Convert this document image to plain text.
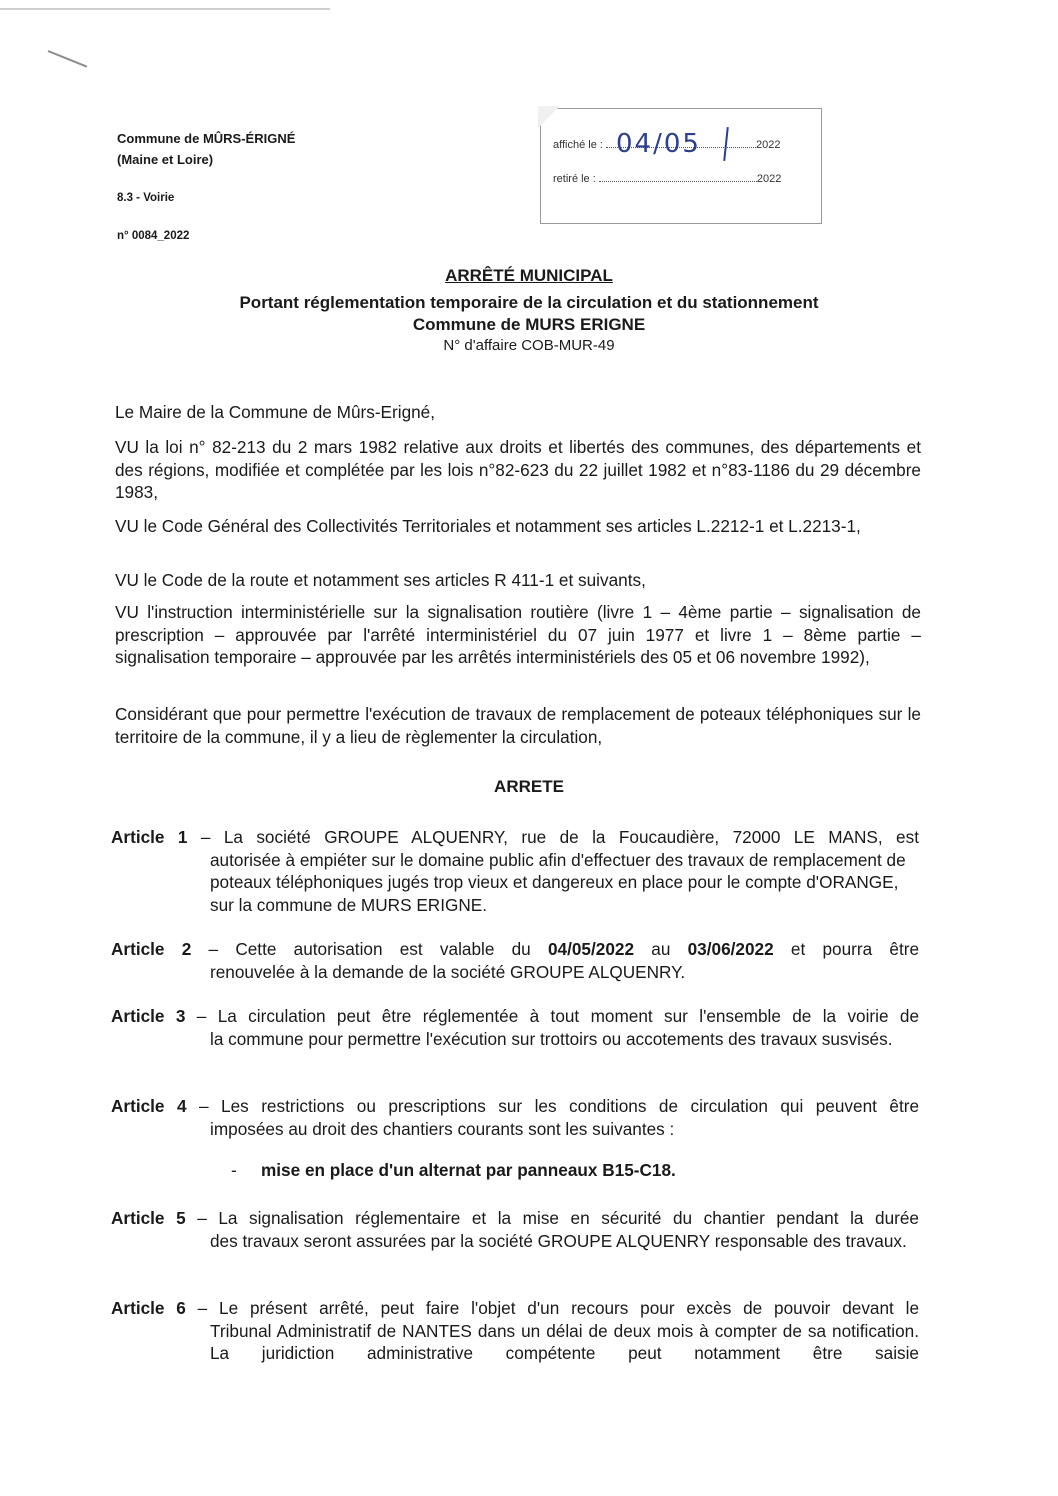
Commune de MÛRS-ÉRIGNÉ
(Maine et Loire)
8.3 - Voirie
n° 0084_2022
affiché le :	2022
04/05
retiré le :	2022
ARRÊTÉ MUNICIPAL
Portant réglementation temporaire de la circulation et du stationnement
Commune de MURS ERIGNE
N° d'affaire COB-MUR-49
Le Maire de la Commune de Mûrs-Erigné,
VU la loi n° 82-213 du 2 mars 1982 relative aux droits et libertés des communes, des départements et des régions, modifiée et complétée par les lois n°82-623 du 22 juillet 1982 et n°83-1186 du 29 décembre 1983,
VU le Code Général des Collectivités Territoriales et notamment ses articles L.2212-1 et L.2213-1,
VU le Code de la route et notamment ses articles R 411-1 et suivants,
VU l'instruction interministérielle sur la signalisation routière (livre 1 – 4ème partie – signalisation de prescription – approuvée par l'arrêté interministériel du 07 juin 1977 et livre 1 – 8ème partie – signalisation temporaire – approuvée par les arrêtés interministériels des 05 et 06 novembre 1992),
Considérant que pour permettre l'exécution de travaux de remplacement de poteaux téléphoniques sur le territoire de la commune, il y a lieu de règlementer la circulation,
ARRETE
Article 1 – La société GROUPE ALQUENRY, rue de la Foucaudière, 72000 LE MANS, est
autorisée à empiéter sur le domaine public afin d'effectuer des travaux de remplacement de poteaux téléphoniques jugés trop vieux et dangereux en place pour le compte d'ORANGE, sur la commune de MURS ERIGNE.
Article 2 – Cette autorisation est valable du 04/05/2022 au 03/06/2022 et pourra être
renouvelée à la demande de la société GROUPE ALQUENRY.
Article 3 – La circulation peut être réglementée à tout moment sur l'ensemble de la voirie de
la commune pour permettre l'exécution sur trottoirs ou accotements des travaux susvisés.
Article 4 – Les restrictions ou prescriptions sur les conditions de circulation qui peuvent être
imposées au droit des chantiers courants sont les suivantes :
- mise en place d'un alternat par panneaux B15-C18.
Article 5 – La signalisation réglementaire et la mise en sécurité du chantier pendant la durée
des travaux seront assurées par la société GROUPE ALQUENRY responsable des travaux.
Article 6 – Le présent arrêté, peut faire l'objet d'un recours pour excès de pouvoir devant le
Tribunal Administratif de NANTES dans un délai de deux mois à compter de sa notification. La juridiction administrative compétente peut notamment être saisie
